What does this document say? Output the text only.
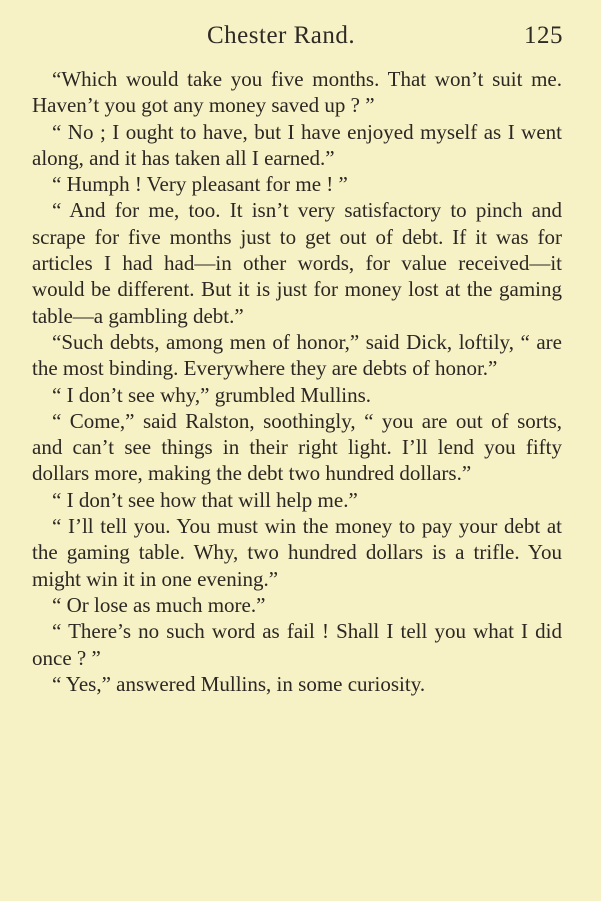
Chester Rand.	125

“Which would take you five months. That won’t suit me. Haven’t you got any money saved up ? ”

“ No ; I ought to have, but I have enjoyed myself as I went along, and it has taken all I earned.”

“ Humph ! Very pleasant for me ! ”

“ And for me, too. It isn’t very satisfactory to pinch and scrape for five months just to get out of debt. If it was for articles I had had—in other words, for value received—it would be different. But it is just for money lost at the gaming table—a gambling debt.”

“Such debts, among men of honor,” said Dick, loftily, “ are the most binding. Everywhere they are debts of honor.”

“ I don’t see why,” grumbled Mullins.

“ Come,” said Ralston, soothingly, “ you are out of sorts, and can’t see things in their right light. I’ll lend you fifty dollars more, making the debt two hundred dollars.”

“ I don’t see how that will help me.”

“ I’ll tell you. You must win the money to pay your debt at the gaming table. Why, two hundred dollars is a trifle. You might win it in one evening.”

“ Or lose as much more.”

“ There’s no such word as fail ! Shall I tell you what I did once ? ”

“ Yes,” answered Mullins, in some curiosity.
